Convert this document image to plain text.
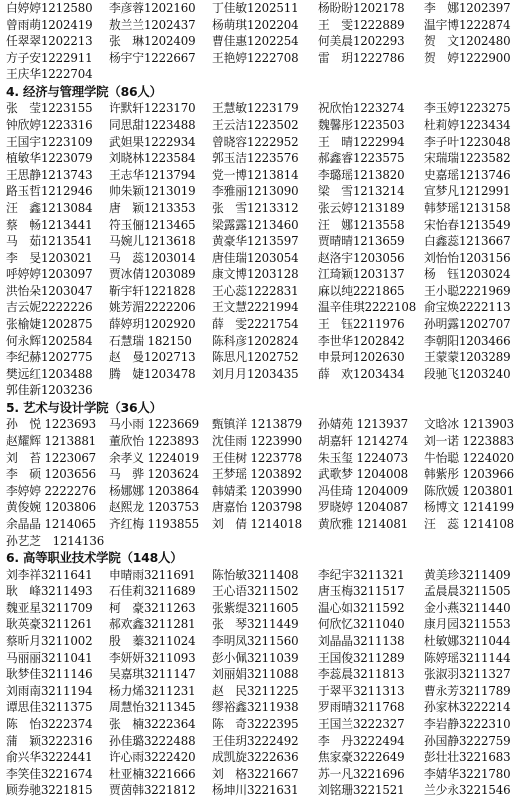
白婷婷1212580	李彦蓉1202160	丁佳敏1202511	杨盼盼1202178	李　娜1202397
曾雨萌1202419	敖兰兰1202437	杨萌琪1202204	王　雯1222889	温宇博1222874
任翠翠1202213	张　琳1202409	曹佳惠1202254	何美晨1202293	贺　文1202480
方子安1222911	杨宇宁1222667	王艳婷1222708	雷　玥1222786	贺　婷1222900
王庆华1222704
4. 经济与管理学院（86人）
张　莹1223155	许默轩1223170	王慧敏1223179	祝欣怡1223274	李玉婷1223275
钟欣婷1223316	同思甜1223488	王云洁1223502	魏馨彤1223503	杜莉婷1223434
王国宇1223109	武妲果1222934	曾晓容1222952	王　晴1222994	李子叶1223048
植敏华1223079	刘晓林1223584	郭玉洁1223576	郝鑫睿1223575	宋瑞瑞1223582
王思静1213743	王志华1213794	党一博1213814	李璐瑶1213820	史嘉瑶1213746
路玉哲1212946	帅朱颖1213019	李雅丽1213090	梁　雪1213214	宣梦凡1212991
汪　鑫1213084	唐　颖1213353	张　雪1213312	张云婷1213189	韩梦瑶1213158
蔡　畅1213441	符玉俪1213465	梁露露1213460	汪　娜1213558	宋怡春1213549
马　茹1213541	马婉儿1213618	黄豪华1213597	贾晴晴1213659	白鑫蕊1213667
李　旻1203021	马　蕊1203014	唐佳瑞1203054	赵洛宇1203056	刘怡怡1203156
呼婷婷1203097	贾冰倩1203089	康文博1203128	江琦颖1203137	杨　钰1203024
洪怡朵1203047	靳宇轩1221828	王心蕊1222831	麻以纯2221865	王小聪2221969
吉云妮2222226	姚芳湄2222206	王文慧2221994	温辛佳琪2222108 俞宝焕2222113
张榆婕1202875	薛婷玥1202920	薛　雯2221754	王　钰2211976	孙明露1202707
何永辉1202584	石慧瑞 182150	陈科彦1202824	李世华1202842	李朝阳1203466
李纪赫1202775	赵　曼1202713	陈思凡1202752	申景珂1202630	王蒙蒙1203289
樊远红1203488	腾　婕1203478	刘月月1203435	薛　欢1203434	段驰飞1203240
郭佳新1203236
5. 艺术与设计学院（36人）
孙　悦 1223693	马小雨 1223669	甄镇洋 1213879	孙婧苑 1213937	文晗冰 1213903
赵耀辉 1213881	董欣怡 1223893	沈佳雨 1223990	胡嘉轩 1214274	刘一诺 1223883
刘　苔 1223067	余孝义 1224019	王佳树 1223778	朱玉玺 1224073	牛怡聪 1224020
李　硕 1203656	马　骅 1203624	王梦瑶 1203892	武歌梦 1204008	韩紫彤 1203966
李婷婷 2222276	杨娜娜 1203864	韩婧柔 1203990	冯佳琦 1204009	陈欣媛 1203801
黄俊婉 1203806	赵熙龙 1203753	唐嘉怡 1203798	罗晓婷 1204087	杨博文 1214199
余晶晶 1214065	齐红梅 1193855	刘　倩 1214018	黄欣雅 1214081	汪　蕊 1214108
孙艺芝　1214136
6. 高等职业技术学院（148人）
刘李祥3211641	申晴雨3211691	陈怡敏3211408	李纪宇3211321	黄美珍3211409
耿　峰3211493	石佳莉3211689	王心语3211502	唐玉梅3211517	孟晨晨3211505
魏亚星3211709	柯　豪3211263	张紫缇3211605	温心如3211592	金小燕3211440
耿英豪3211261	郝欢鑫3211281	张　琴3211449	何欣忆3211040	康月园3211553
蔡昕月3211002	殷　蓁3211024	李明凤3211560	刘晶晶3211138	杜敏娜3211044
马丽丽3211041	李妍妍3211093	彭小佩3211039	王国俊3211289	陈婷瑶3211144
耿梦佳3211146	吴嘉琪3211147	刘丽娟3211088	李蕊晨3211813	张淑羽3211327
刘雨南3211194	杨力烯3211231	赵　民3211225	于翠平3211313	曹永芳3211789
谭思佳3211375	周慧怡3211345	缪裕鑫3211938	罗雨晴3211768	孙家林3222214
陈　怡3222374	张　楠3222364	陈　奇3222395	王国兰3222327	李岩静3222310
蒲　颖3222316	孙佳璐3222488	王佳玥3222492	李　丹3222494	孙国静3222759
俞兴华3222441	许心雨3222420	成凯旋3222636	焦家豪3222649	彭壮壮3221683
李笑佳3221674	杜亚楠3221666	刘　格3221667	苏一凡3221696	李婧华3221780
顾券驰3221815	贾茵韩3221812	杨坤川3221631	刘铭珊3221521	兰少永3221546
